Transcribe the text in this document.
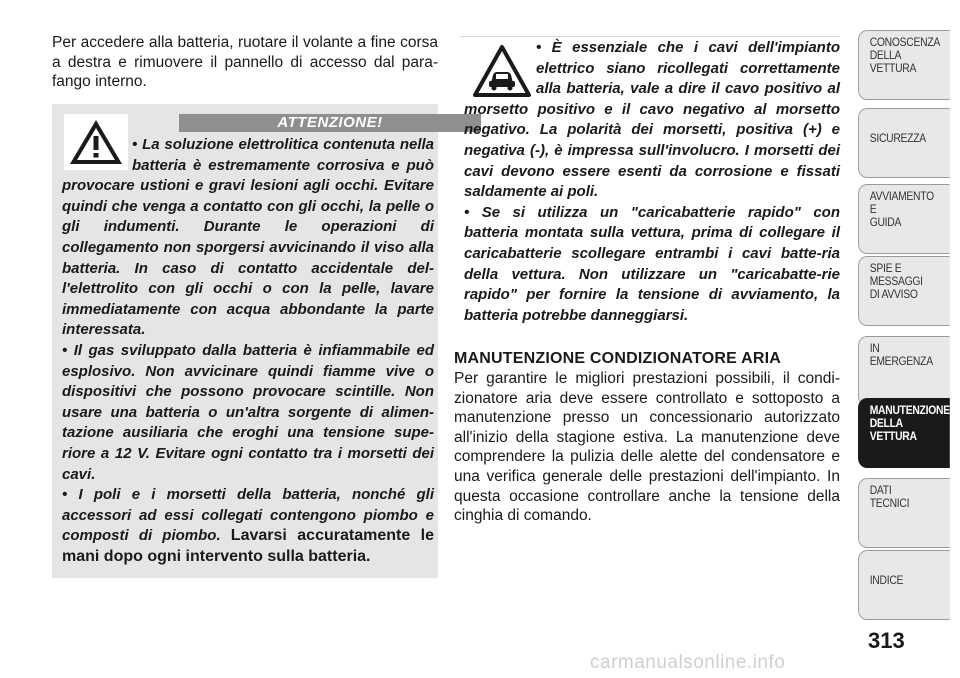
Per accedere alla batteria, ruotare il volante a fine corsa a destra e rimuovere il pannello di accesso dal para-fango interno.
ATTENZIONE!
• La soluzione elettrolitica contenuta nella batteria è estremamente corrosiva e può provocare ustioni e gravi lesioni agli occhi. Evitare quindi che venga a contatto con gli occhi, la pelle o gli indumenti. Durante le operazioni di collegamento non sporgersi avvicinando il viso alla batteria. In caso di contatto accidentale del-l'elettrolito con gli occhi o con la pelle, lavare immediatamente con acqua abbondante la parte interessata.
• Il gas sviluppato dalla batteria è infiammabile ed esplosivo. Non avvicinare quindi fiamme vive o dispositivi che possono provocare scintille. Non usare una batteria o un'altra sorgente di alimen-tazione ausiliaria che eroghi una tensione supe-riore a 12 V. Evitare ogni contatto tra i morsetti dei cavi.
• I poli e i morsetti della batteria, nonché gli accessori ad essi collegati contengono piombo e composti di piombo. Lavarsi accuratamente le mani dopo ogni intervento sulla batteria.
• È essenziale che i cavi dell'impianto elettrico siano ricollegati correttamente alla batteria, vale a dire il cavo positivo al morsetto positivo e il cavo negativo al morsetto negativo. La polarità dei morsetti, positiva (+) e negativa (-), è impressa sull'involucro. I morsetti dei cavi devono essere esenti da corrosione e fissati saldamente ai poli.
• Se si utilizza un "caricabatterie rapido" con batteria montata sulla vettura, prima di collegare il caricabatterie scollegare entrambi i cavi batte-ria della vettura. Non utilizzare un "caricabatte-rie rapido" per fornire la tensione di avviamento, la batteria potrebbe danneggiarsi.
MANUTENZIONE CONDIZIONATORE ARIA

Per garantire le migliori prestazioni possibili, il condi-zionatore aria deve essere controllato e sottoposto a manutenzione presso un concessionario autorizzato all'inizio della stagione estiva. La manutenzione deve comprendere la pulizia delle alette del condensatore e una verifica generale delle prestazioni dell'impianto. In questa occasione controllare anche la tensione della cinghia di comando.

CONOSCENZA
DELLA
VETTURA
SICUREZZA
AVVIAMENTO
E
GUIDA
SPIE E
MESSAGGI
DI AVVISO
IN
EMERGENZA
MANUTENZIONE
DELLA
VETTURA
DATI
TECNICI
INDICE
313
carmanualsonline.info
